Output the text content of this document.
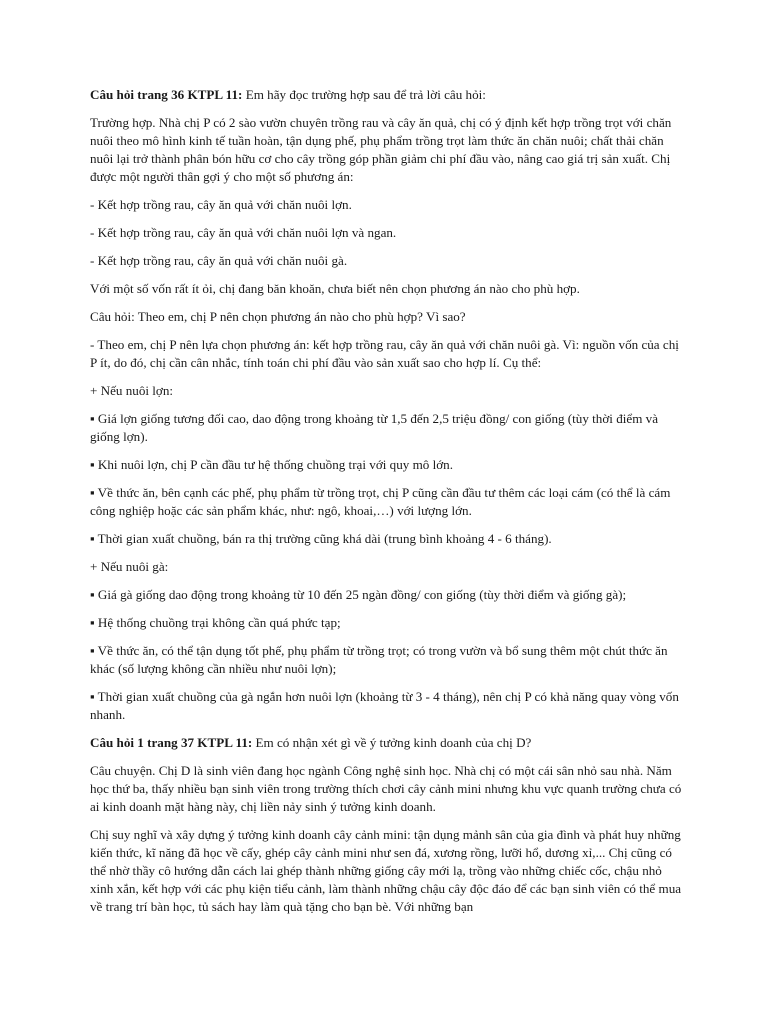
Câu hỏi trang 36 KTPL 11: Em hãy đọc trường hợp sau để trả lời câu hỏi:

Trường hợp. Nhà chị P có 2 sào vườn chuyên trồng rau và cây ăn quả, chị có ý định kết hợp trồng trọt với chăn nuôi theo mô hình kinh tế tuần hoàn, tận dụng phế, phụ phẩm trồng trọt làm thức ăn chăn nuôi; chất thải chăn nuôi lại trở thành phân bón hữu cơ cho cây trồng góp phần giảm chi phí đầu vào, nâng cao giá trị sản xuất. Chị được một người thân gợi ý cho một số phương án:

- Kết hợp trồng rau, cây ăn quả với chăn nuôi lợn.

- Kết hợp trồng rau, cây ăn quả với chăn nuôi lợn và ngan.

- Kết hợp trồng rau, cây ăn quả với chăn nuôi gà.

Với một số vốn rất ít ỏi, chị đang băn khoăn, chưa biết nên chọn phương án nào cho phù hợp.

Câu hỏi: Theo em, chị P nên chọn phương án nào cho phù hợp? Vì sao?

- Theo em, chị P nên lựa chọn phương án: kết hợp trồng rau, cây ăn quả với chăn nuôi gà. Vì: nguồn vốn của chị P ít, do đó, chị cần cân nhắc, tính toán chi phí đầu vào sản xuất sao cho hợp lí. Cụ thể:

+ Nếu nuôi lợn:

▪ Giá lợn giống tương đối cao, dao động trong khoảng từ 1,5 đến 2,5 triệu đồng/ con giống (tùy thời điểm và giống lợn).

▪ Khi nuôi lợn, chị P cần đầu tư hệ thống chuồng trại với quy mô lớn.

▪ Về thức ăn, bên cạnh các phế, phụ phẩm từ trồng trọt, chị P cũng cần đầu tư thêm các loại cám (có thể là cám công nghiệp hoặc các sản phẩm khác, như: ngô, khoai,…) với lượng lớn.

▪ Thời gian xuất chuồng, bán ra thị trường cũng khá dài (trung bình khoảng 4 - 6 tháng).

+ Nếu nuôi gà:

▪ Giá gà giống dao động trong khoảng từ 10 đến 25 ngàn đồng/ con giống (tùy thời điểm và giống gà);

▪ Hệ thống chuồng trại không cần quá phức tạp;

▪ Về thức ăn, có thể tận dụng tốt phế, phụ phẩm từ trồng trọt; có trong vườn và bổ sung thêm một chút thức ăn khác (số lượng không cần nhiều như nuôi lợn);

▪ Thời gian xuất chuồng của gà ngắn hơn nuôi lợn (khoảng từ 3 - 4 tháng), nên chị P có khả năng quay vòng vốn nhanh.

Câu hỏi 1 trang 37 KTPL 11: Em có nhận xét gì về ý tưởng kinh doanh của chị D?

Câu chuyện. Chị D là sinh viên đang học ngành Công nghệ sinh học. Nhà chị có một cái sân nhỏ sau nhà. Năm học thứ ba, thấy nhiều bạn sinh viên trong trường thích chơi cây cảnh mini nhưng khu vực quanh trường chưa có ai kinh doanh mặt hàng này, chị liền nảy sinh ý tưởng kinh doanh.

Chị suy nghĩ và xây dựng ý tưởng kinh doanh cây cảnh mini: tận dụng mảnh sân của gia đình và phát huy những kiến thức, kĩ năng đã học về cấy, ghép cây cảnh mini như sen đá, xương rồng, lưỡi hổ, dương xỉ,... Chị cũng có thể nhờ thầy cô hướng dẫn cách lai ghép thành những giống cây mới lạ, trồng vào những chiếc cốc, chậu nhỏ xinh xắn, kết hợp với các phụ kiện tiểu cảnh, làm thành những chậu cây độc đáo để các bạn sinh viên có thể mua về trang trí bàn học, tủ sách hay làm quà tặng cho bạn bè. Với những bạn
